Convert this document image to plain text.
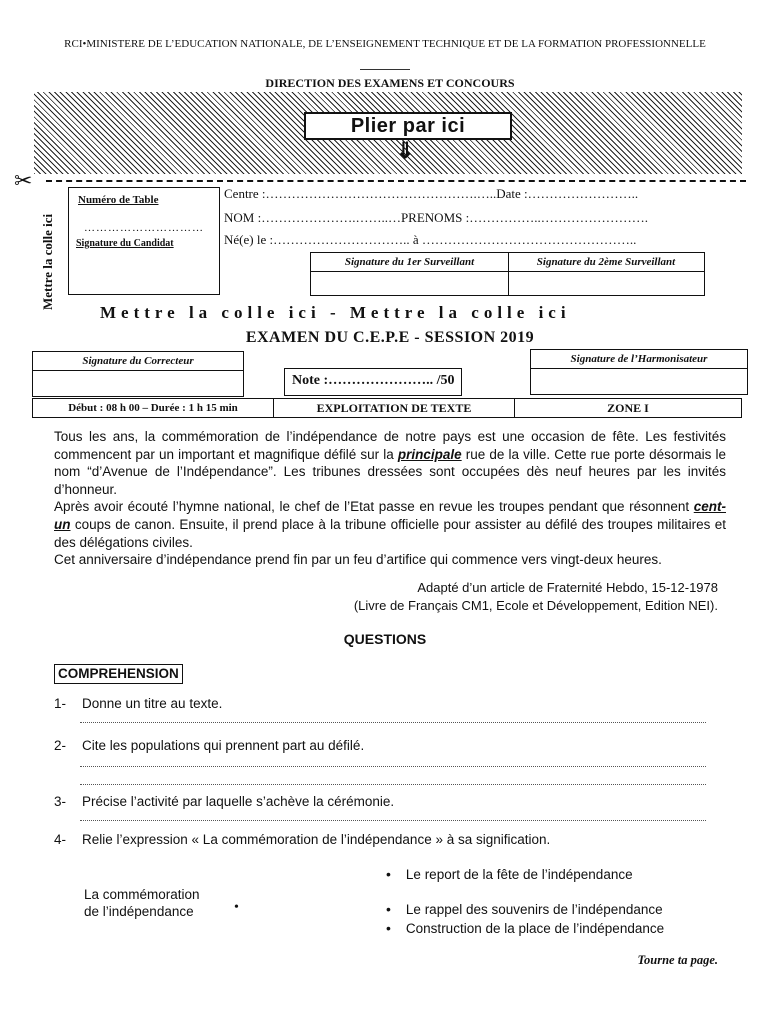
RCI•MINISTERE DE L’EDUCATION NATIONALE, DE L’ENSEIGNEMENT TECHNIQUE ET DE LA FORMATION PROFESSIONNELLE
DIRECTION DES EXAMENS ET CONCOURS
Plier par ici
⇓
✂
Mettre la colle ici
Numéro de Table
…………………………
Signature du Candidat
Centre :………………………………………….…..Date :……………………..
NOM :………………….……..…PRENOMS :……………..…………………….
Né(e) le :………………………….. à …………………………………………..
Signature du 1er Surveillant	Signature du 2ème Surveillant
Mettre la colle ici - Mettre la colle ici
EXAMEN DU C.E.P.E - SESSION 2019
Signature du Correcteur	Signature de l’Harmonisateur
Note :………………….. /50
Début : 08 h 00 – Durée : 1 h 15 min	EXPLOITATION DE TEXTE	ZONE I

Tous les ans, la commémoration de l’indépendance de notre pays est une occasion de fête. Les festivités commencent par un important et magnifique défilé sur la principale rue de la ville. Cette rue porte désormais le nom “d’Avenue de l’Indépendance”. Les tribunes dressées sont occupées dès neuf heures par les invités d’honneur.

Après avoir écouté l’hymne national, le chef de l’Etat passe en revue les troupes pendant que résonnent cent-un coups de canon. Ensuite, il prend place à la tribune officielle pour assister au défilé des troupes militaires et des délégations civiles.

Cet anniversaire d’indépendance prend fin par un feu d’artifice qui commence vers vingt-deux heures.

Adapté d’un article de Fraternité Hebdo, 15-12-1978
(Livre de Français CM1, Ecole et Développement, Edition NEI).
QUESTIONS
COMPREHENSION
1- Donne un titre au texte.
2- Cite les populations qui prennent part au défilé.
3- Précise l’activité par laquelle s’achève la cérémonie.
4- Relie l’expression « La commémoration de l’indépendance » à sa signification.
La commémoration
de l’indépendance	•
• Le report de la fête de l’indépendance
• Le rappel des souvenirs de l’indépendance
• Construction de la place de l’indépendance
Tourne ta page.
